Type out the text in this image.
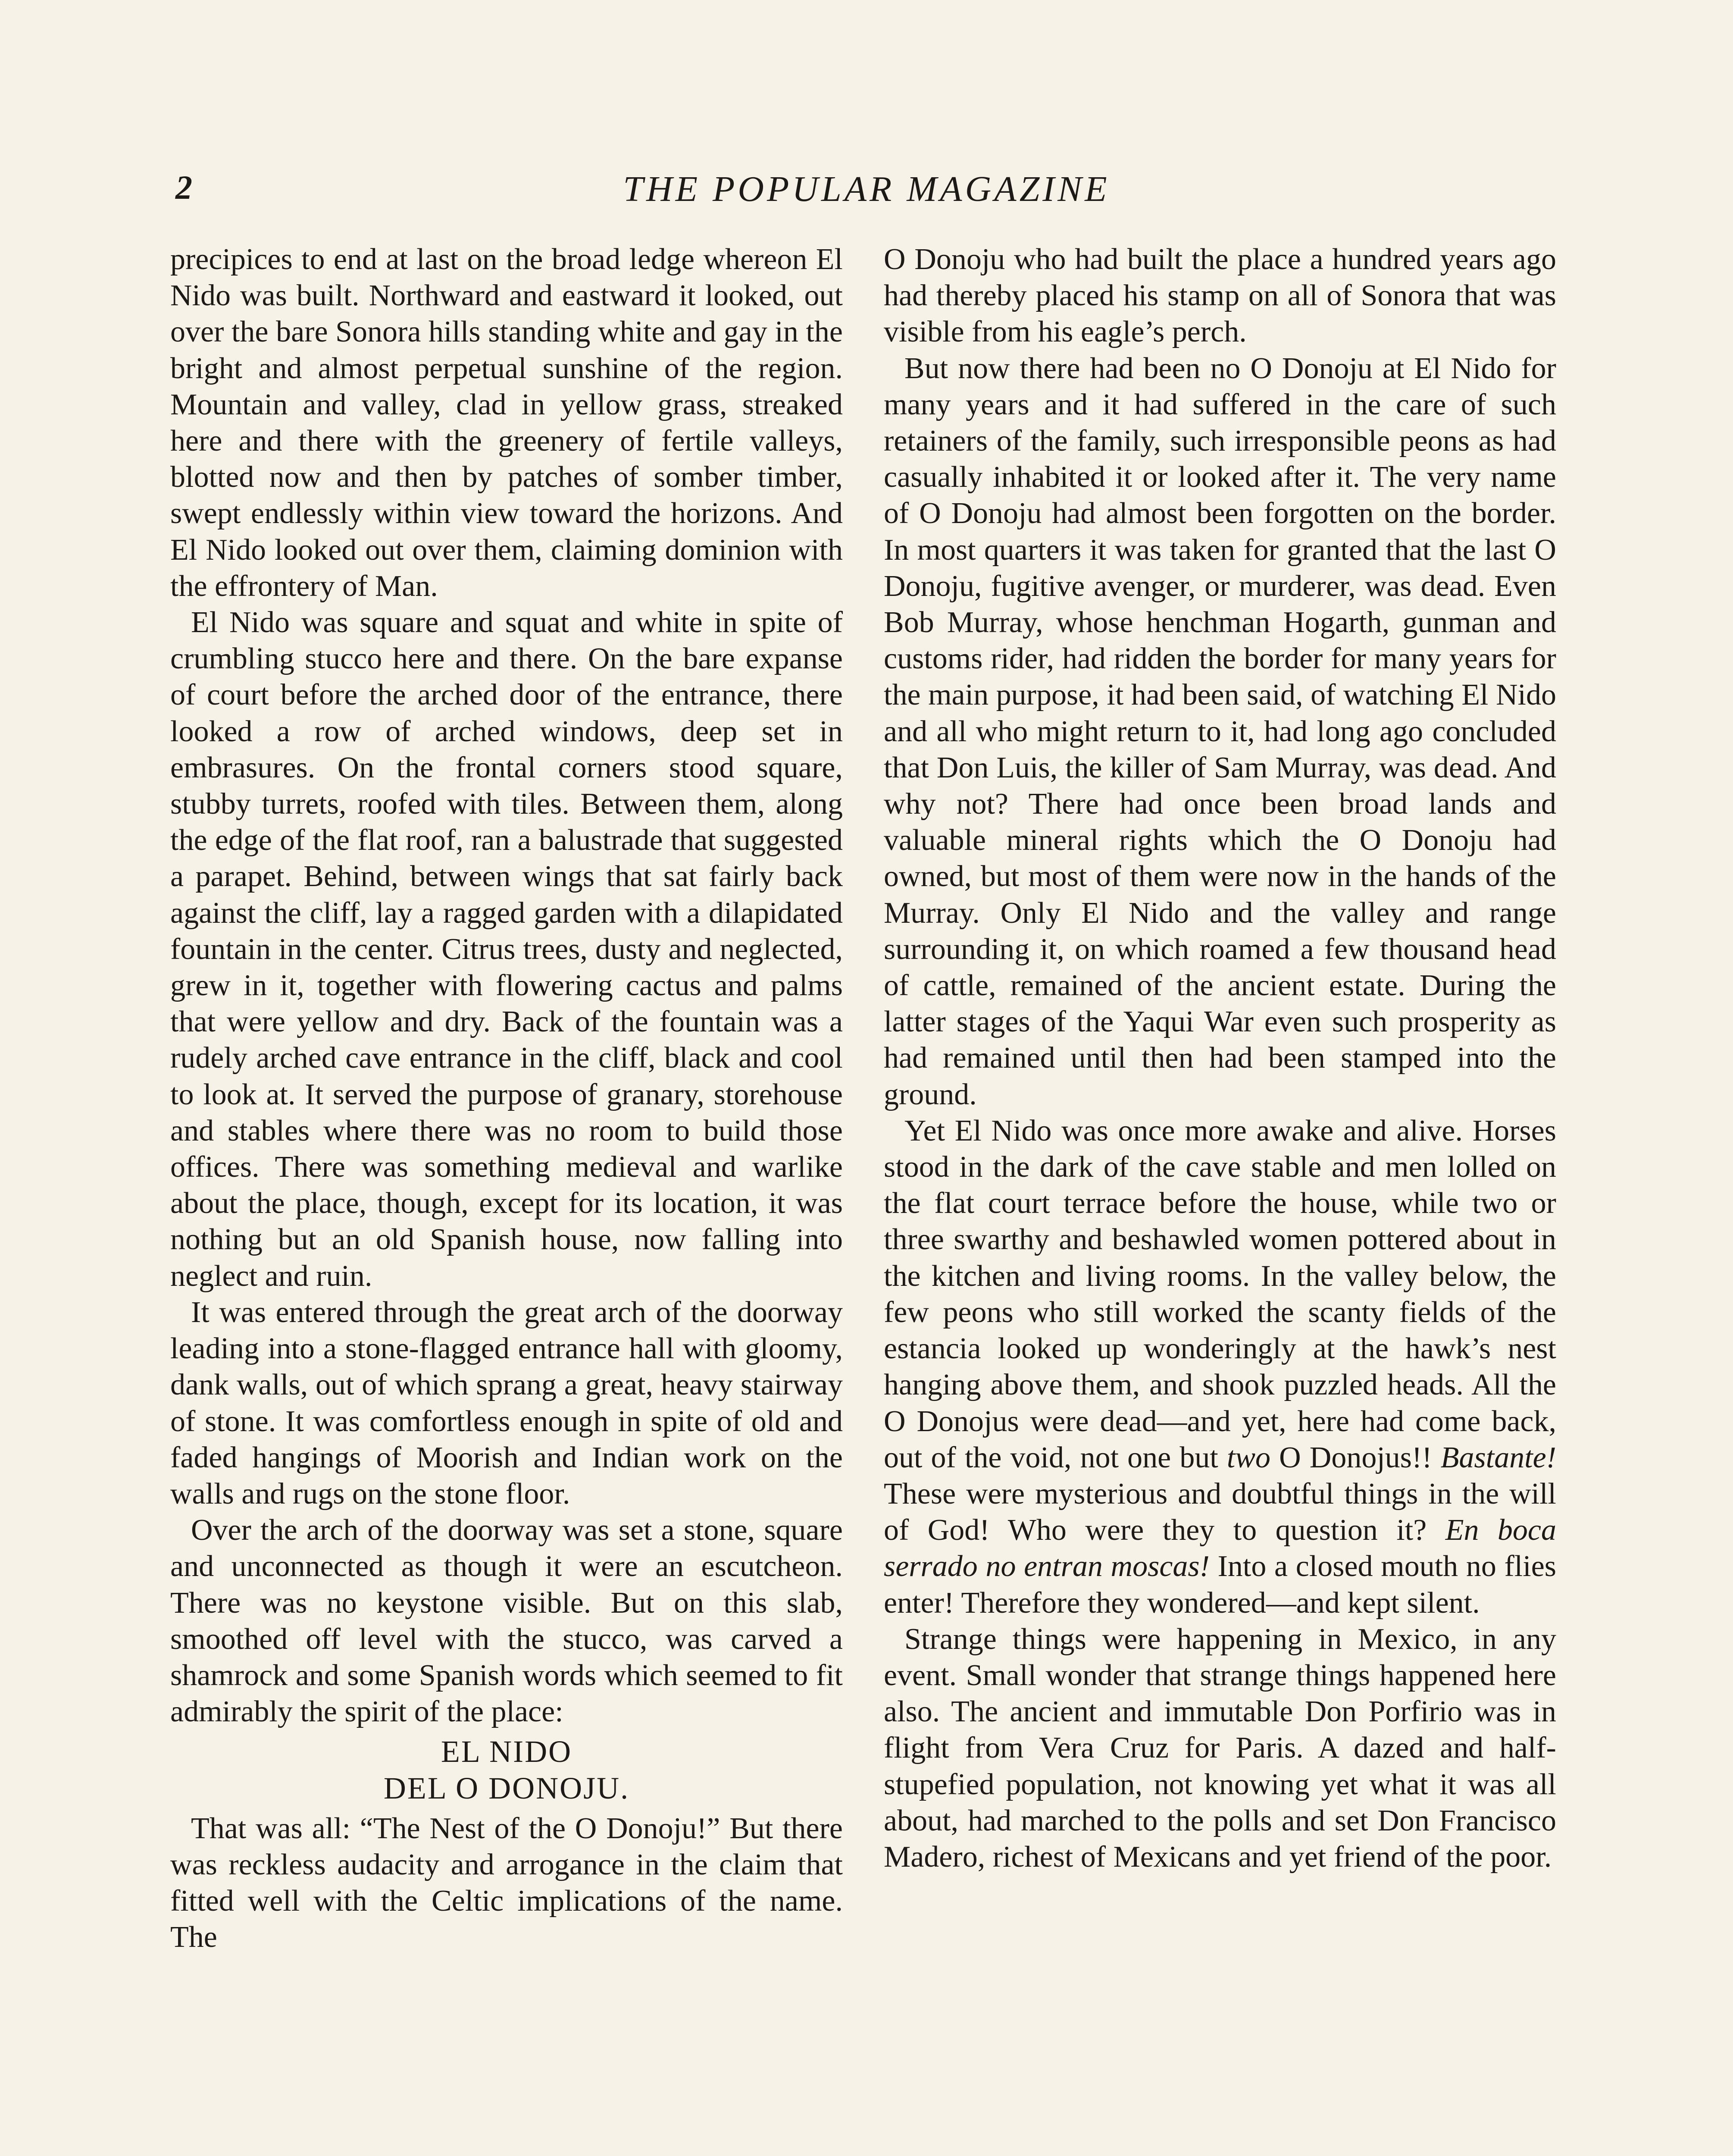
2	THE POPULAR MAGAZINE

precipices to end at last on the broad ledge whereon El Nido was built. Northward and eastward it looked, out over the bare Sonora hills standing white and gay in the bright and almost perpetual sunshine of the region. Mountain and valley, clad in yellow grass, streaked here and there with the greenery of fertile valleys, blotted now and then by patches of somber timber, swept endlessly within view toward the horizons. And El Nido looked out over them, claiming dominion with the effrontery of Man.

El Nido was square and squat and white in spite of crumbling stucco here and there. On the bare expanse of court before the arched door of the entrance, there looked a row of arched windows, deep set in embrasures. On the frontal corners stood square, stubby turrets, roofed with tiles. Between them, along the edge of the flat roof, ran a balustrade that suggested a parapet. Behind, between wings that sat fairly back against the cliff, lay a ragged garden with a dilapidated fountain in the center. Citrus trees, dusty and neglected, grew in it, together with flowering cactus and palms that were yellow and dry. Back of the fountain was a rudely arched cave entrance in the cliff, black and cool to look at. It served the purpose of granary, storehouse and stables where there was no room to build those offices. There was something medieval and warlike about the place, though, except for its location, it was nothing but an old Spanish house, now falling into neglect and ruin.

It was entered through the great arch of the doorway leading into a stone-flagged entrance hall with gloomy, dank walls, out of which sprang a great, heavy stairway of stone. It was comfortless enough in spite of old and faded hangings of Moorish and Indian work on the walls and rugs on the stone floor.

Over the arch of the doorway was set a stone, square and unconnected as though it were an escutcheon. There was no keystone visible. But on this slab, smoothed off level with the stucco, was carved a shamrock and some Spanish words which seemed to fit admirably the spirit of the place:

EL NIDO

DEL O DONOJU.

That was all: “The Nest of the O Donoju!” But there was reckless audacity and arrogance in the claim that fitted well with the Celtic implications of the name. The

O Donoju who had built the place a hundred years ago had thereby placed his stamp on all of Sonora that was visible from his eagle’s perch.

But now there had been no O Donoju at El Nido for many years and it had suffered in the care of such retainers of the family, such irresponsible peons as had casually inhabited it or looked after it. The very name of O Donoju had almost been forgotten on the border. In most quarters it was taken for granted that the last O Donoju, fugitive avenger, or murderer, was dead. Even Bob Murray, whose henchman Hogarth, gunman and customs rider, had ridden the border for many years for the main purpose, it had been said, of watching El Nido and all who might return to it, had long ago concluded that Don Luis, the killer of Sam Murray, was dead. And why not? There had once been broad lands and valuable mineral rights which the O Donoju had owned, but most of them were now in the hands of the Murray. Only El Nido and the valley and range surrounding it, on which roamed a few thousand head of cattle, remained of the ancient estate. During the latter stages of the Yaqui War even such prosperity as had remained until then had been stamped into the ground.

Yet El Nido was once more awake and alive. Horses stood in the dark of the cave stable and men lolled on the flat court terrace before the house, while two or three swarthy and beshawled women pottered about in the kitchen and living rooms. In the valley below, the few peons who still worked the scanty fields of the estancia looked up wonderingly at the hawk’s nest hanging above them, and shook puzzled heads. All the O Donojus were dead—and yet, here had come back, out of the void, not one but two O Donojus!! Bastante! These were mysterious and doubtful things in the will of God! Who were they to question it? En boca serrado no entran moscas! Into a closed mouth no flies enter! Therefore they wondered—and kept silent.

Strange things were happening in Mexico, in any event. Small wonder that strange things happened here also. The ancient and immutable Don Porfirio was in flight from Vera Cruz for Paris. A dazed and half-stupefied population, not knowing yet what it was all about, had marched to the polls and set Don Francisco Madero, richest of Mexicans and yet friend of the poor.
